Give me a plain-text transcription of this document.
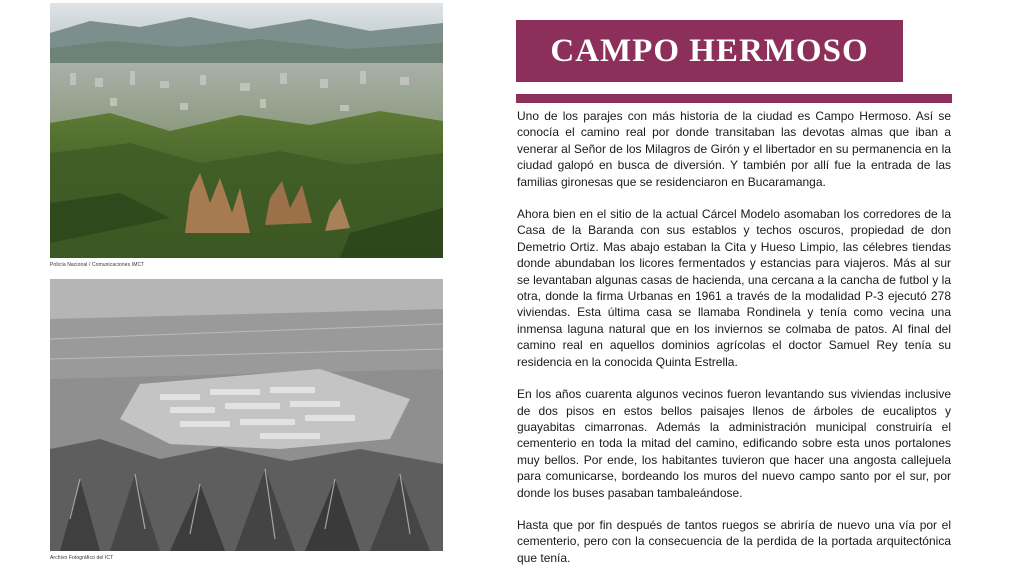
Policía Nacional / Comunicaciones IMCT
Archivo Fotográfico del ICT
CAMPO HERMOSO

Uno de los parajes con más historia de la ciudad es Campo Hermoso. Así se conocía el camino real por donde transitaban las devotas almas que iban a venerar al Señor de los Milagros de Girón y el libertador en su permanencia en la ciudad galopó en busca de diversión. Y también por allí fue la entrada de las familias gironesas que se residenciaron en Bucaramanga.

Ahora bien en el sitio de la actual Cárcel Modelo asomaban los corredores de la Casa de la Baranda con sus establos y techos oscuros, propiedad de don Demetrio Ortiz. Mas abajo estaban la Cita y Hueso Limpio, las célebres tiendas donde abundaban los licores fermentados y estancias para viajeros. Más al sur se levantaban algunas casas de hacienda, una cercana a la cancha de futbol y la otra, donde la firma Urbanas en 1961 a través de la modalidad P-3 ejecutó 278 viviendas. Esta última casa se llamaba Rondinela y tenía como vecina una inmensa laguna natural que en los inviernos se colmaba de patos. Al final del camino real en aquellos dominios agrícolas el doctor Samuel Rey tenía su residencia en la conocida Quinta Estrella.

En los años cuarenta algunos vecinos fueron levantando sus viviendas inclusive de dos pisos en estos bellos paisajes llenos de árboles de eucaliptos y guayabitas cimarronas. Además la administración municipal construiría el cementerio en toda la mitad del camino, edificando sobre esta unos portalones muy bellos. Por ende, los habitantes tuvieron que hacer una angosta callejuela para comunicarse, bordeando los muros del nuevo campo santo por el sur, por donde los buses pasaban tambaleándose.

Hasta que por fin después de tantos ruegos se abriría de nuevo una vía por el cementerio, pero con la consecuencia de la perdida de la portada arquitectónica que tenía.
